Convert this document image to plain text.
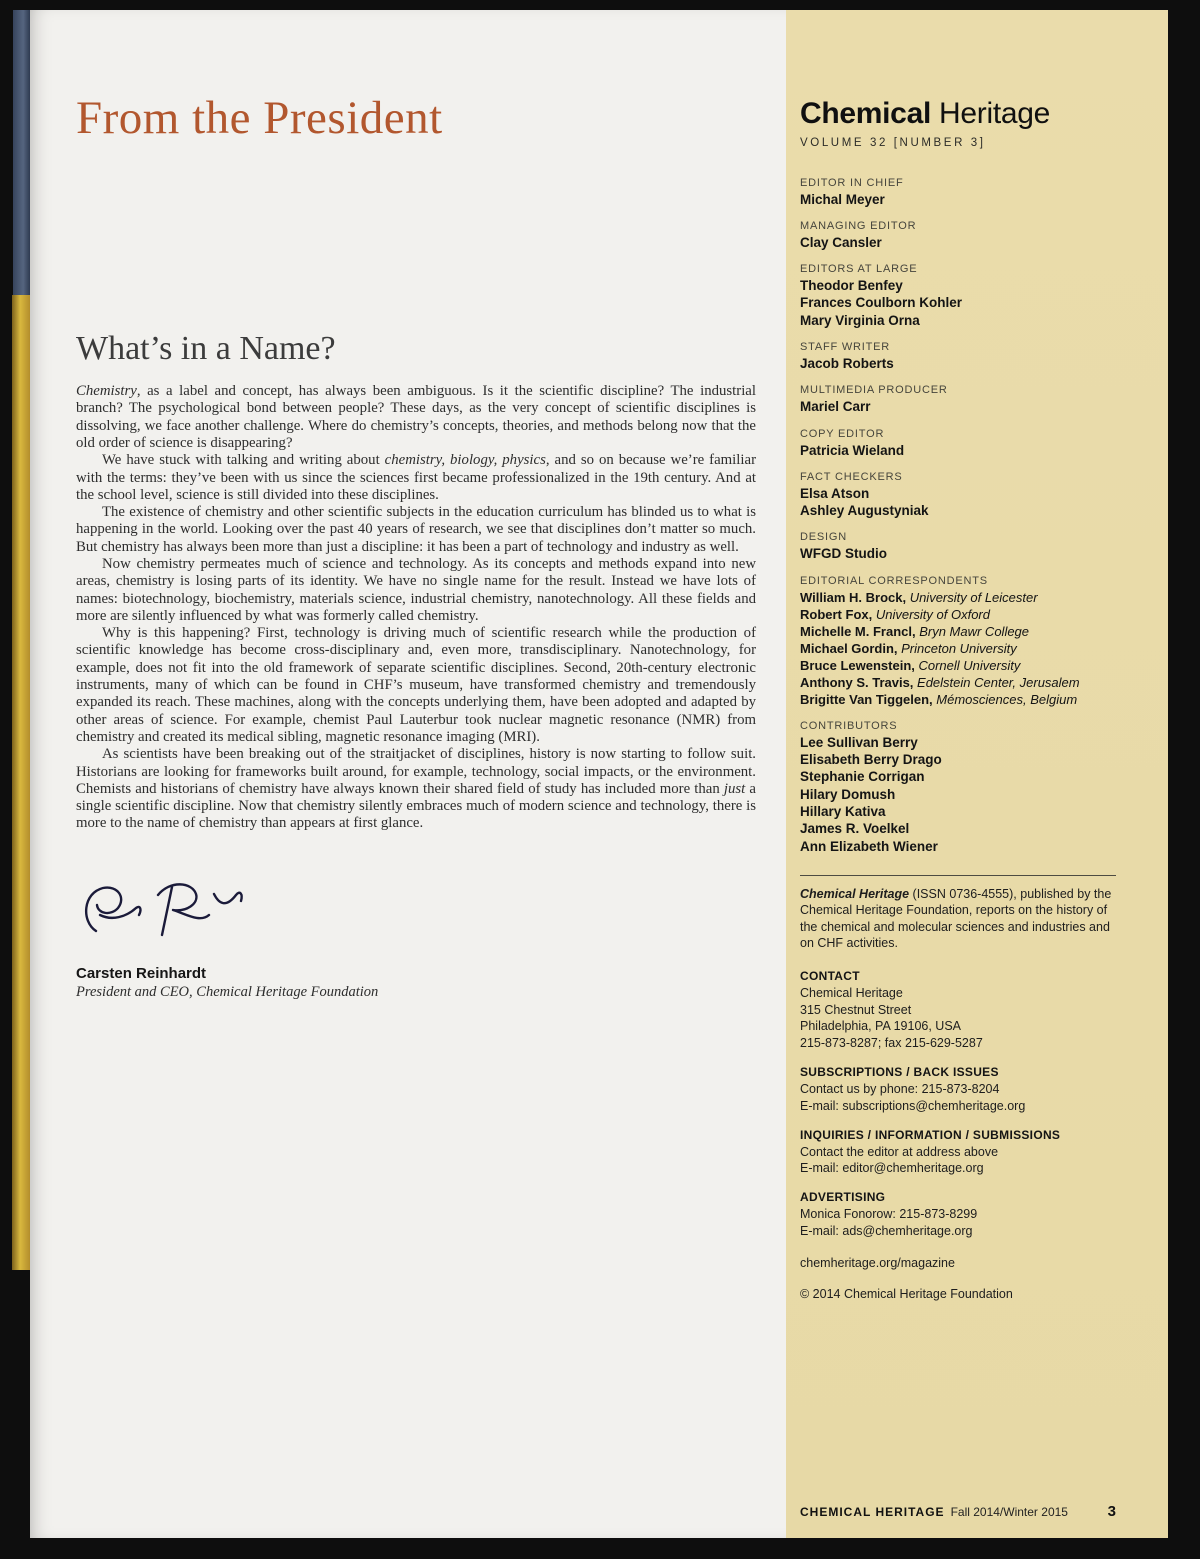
From the President
What’s in a Name?

Chemistry, as a label and concept, has always been ambiguous. Is it the scientific discipline? The industrial branch? The psychological bond between people? These days, as the very concept of scientific disciplines is dissolving, we face another challenge. Where do chemistry’s concepts, theories, and methods belong now that the old order of science is disappearing?

We have stuck with talking and writing about chemistry, biology, physics, and so on because we’re familiar with the terms: they’ve been with us since the sciences first became professionalized in the 19th century. And at the school level, science is still divided into these disciplines.

The existence of chemistry and other scientific subjects in the education curriculum has blinded us to what is happening in the world. Looking over the past 40 years of research, we see that disciplines don’t matter so much. But chemistry has always been more than just a discipline: it has been a part of technology and industry as well.

Now chemistry permeates much of science and technology. As its concepts and methods expand into new areas, chemistry is losing parts of its identity. We have no single name for the result. Instead we have lots of names: biotechnology, biochemistry, materials science, industrial chemistry, nanotechnology. All these fields and more are silently influenced by what was formerly called chemistry.

Why is this happening? First, technology is driving much of scientific research while the production of scientific knowledge has become cross-disciplinary and, even more, transdisciplinary. Nanotechnology, for example, does not fit into the old framework of separate scientific disciplines. Second, 20th-century electronic instruments, many of which can be found in CHF’s museum, have transformed chemistry and tremendously expanded its reach. These machines, along with the concepts underlying them, have been adopted and adapted by other areas of science. For example, chemist Paul Lauterbur took nuclear magnetic resonance (NMR) from chemistry and created its medical sibling, magnetic resonance imaging (MRI).

As scientists have been breaking out of the straitjacket of disciplines, history is now starting to follow suit. Historians are looking for frameworks built around, for example, technology, social impacts, or the environment. Chemists and historians of chemistry have always known their shared field of study has included more than just a single scientific discipline. Now that chemistry silently embraces much of modern science and technology, there is more to the name of chemistry than appears at first glance.

Carsten Reinhardt
President and CEO, Chemical Heritage Foundation
Chemical Heritage
VOLUME 32 [NUMBER 3]
EDITOR IN CHIEF
Michal Meyer
MANAGING EDITOR
Clay Cansler
EDITORS AT LARGE
Theodor Benfey
Frances Coulborn Kohler
Mary Virginia Orna
STAFF WRITER
Jacob Roberts
MULTIMEDIA PRODUCER
Mariel Carr
COPY EDITOR
Patricia Wieland
FACT CHECKERS
Elsa Atson
Ashley Augustyniak
DESIGN
WFGD Studio
EDITORIAL CORRESPONDENTS
William H. Brock, University of Leicester
Robert Fox, University of Oxford
Michelle M. Francl, Bryn Mawr College
Michael Gordin, Princeton University
Bruce Lewenstein, Cornell University
Anthony S. Travis, Edelstein Center, Jerusalem
Brigitte Van Tiggelen, Mémosciences, Belgium
CONTRIBUTORS
Lee Sullivan Berry
Elisabeth Berry Drago
Stephanie Corrigan
Hilary Domush
Hillary Kativa
James R. Voelkel
Ann Elizabeth Wiener

Chemical Heritage (ISSN 0736-4555), published by the Chemical Heritage Foundation, reports on the history of the chemical and molecular sciences and industries and on CHF activities.

CONTACT
Chemical Heritage
315 Chestnut Street
Philadelphia, PA 19106, USA
215-873-8287; fax 215-629-5287
SUBSCRIPTIONS / BACK ISSUES
Contact us by phone: 215-873-8204
E-mail: subscriptions@chemheritage.org
INQUIRIES / INFORMATION / SUBMISSIONS
Contact the editor at address above
E-mail: editor@chemheritage.org
ADVERTISING
Monica Fonorow: 215-873-8299
E-mail: ads@chemheritage.org
chemheritage.org/magazine
© 2014 Chemical Heritage Foundation
CHEMICAL HERITAGE Fall 2014/Winter 2015	3
